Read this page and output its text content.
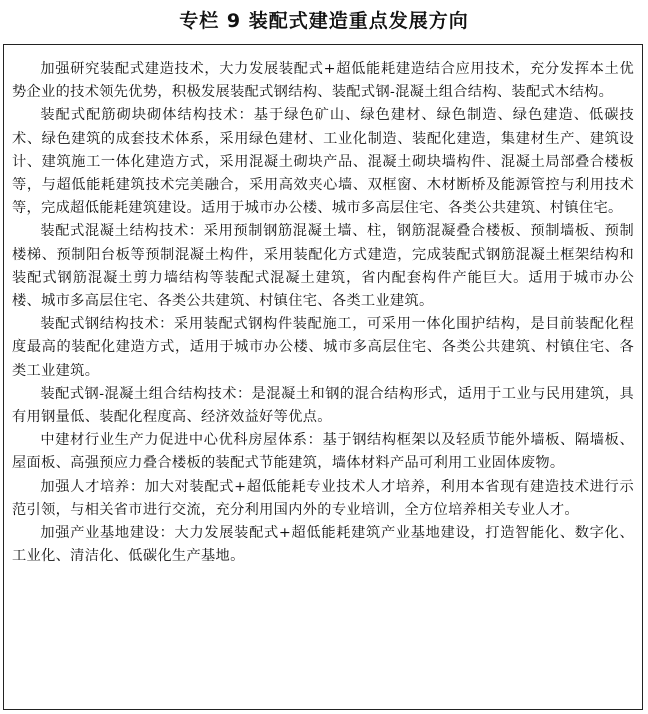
专栏 9 装配式建造重点发展方向

加强研究装配式建造技术，大力发展装配式+超低能耗建造结合应用技术，充分发挥本土优势企业的技术领先优势，积极发展装配式钢结构、装配式钢-混凝土组合结构、装配式木结构。

装配式配筋砌块砌体结构技术：基于绿色矿山、绿色建材、绿色制造、绿色建造、低碳技术、绿色建筑的成套技术体系，采用绿色建材、工业化制造、装配化建造，集建材生产、建筑设计、建筑施工一体化建造方式，采用混凝土砌块产品、混凝土砌块墙构件、混凝土局部叠合楼板等，与超低能耗建筑技术完美融合，采用高效夹心墙、双框窗、木材断桥及能源管控与利用技术等，完成超低能耗建筑建设。适用于城市办公楼、城市多高层住宅、各类公共建筑、村镇住宅。

装配式混凝土结构技术：采用预制钢筋混凝土墙、柱，钢筋混凝叠合楼板、预制墙板、预制楼梯、预制阳台板等预制混凝土构件，采用装配化方式建造，完成装配式钢筋混凝土框架结构和装配式钢筋混凝土剪力墙结构等装配式混凝土建筑，省内配套构件产能巨大。适用于城市办公楼、城市多高层住宅、各类公共建筑、村镇住宅、各类工业建筑。

装配式钢结构技术：采用装配式钢构件装配施工，可采用一体化围护结构，是目前装配化程度最高的装配化建造方式，适用于城市办公楼、城市多高层住宅、各类公共建筑、村镇住宅、各类工业建筑。

装配式钢-混凝土组合结构技术：是混凝土和钢的混合结构形式，适用于工业与民用建筑，具有用钢量低、装配化程度高、经济效益好等优点。

中建材行业生产力促进中心优科房屋体系：基于钢结构框架以及轻质节能外墙板、隔墙板、屋面板、高强预应力叠合楼板的装配式节能建筑，墙体材料产品可利用工业固体废物。

加强人才培养：加大对装配式+超低能耗专业技术人才培养，利用本省现有建造技术进行示范引领，与相关省市进行交流，充分利用国内外的专业培训，全方位培养相关专业人才。

加强产业基地建设：大力发展装配式+超低能耗建筑产业基地建设，打造智能化、数字化、工业化、清洁化、低碳化生产基地。
